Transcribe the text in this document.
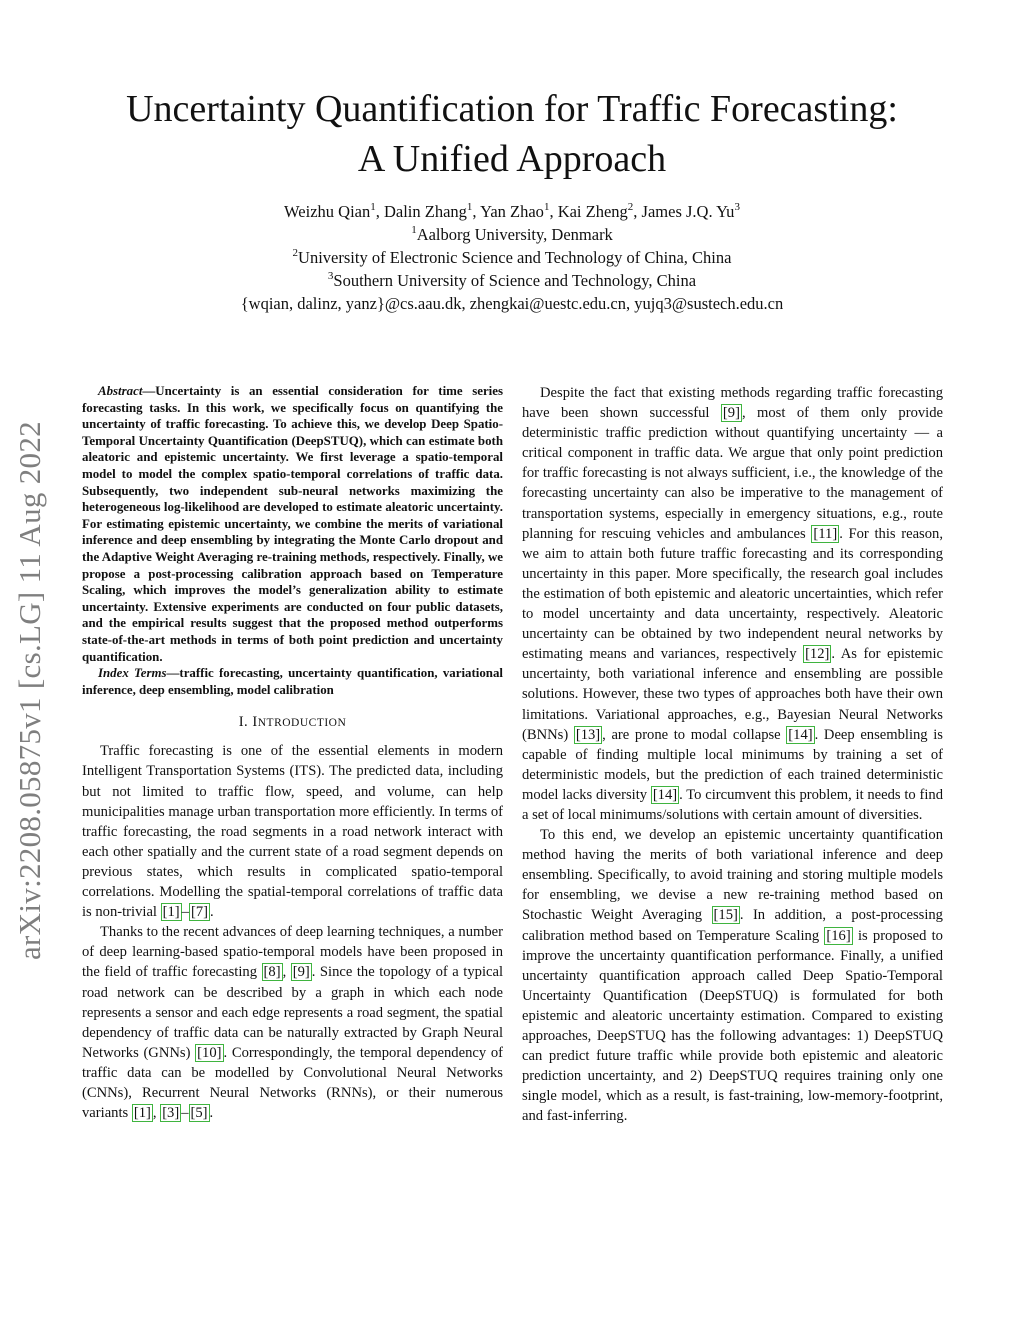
arXiv:2208.05875v1 [cs.LG] 11 Aug 2022
Uncertainty Quantification for Traffic Forecasting:
A Unified Approach
Weizhu Qian$^1$, Dalin Zhang$^1$, Yan Zhao$^1$, Kai Zheng$^2$, James J.Q. Yu$^3$
$^1$Aalborg University, Denmark
$^2$University of Electronic Science and Technology of China, China
$^3$Southern University of Science and Technology, China
{wqian, dalinz, yanz}@cs.aau.dk, zhengkai@uestc.edu.cn, yujq3@sustech.edu.cn

Abstract—Uncertainty is an essential consideration for time series forecasting tasks. In this work, we specifically focus on quantifying the uncertainty of traffic forecasting. To achieve this, we develop Deep Spatio-Temporal Uncertainty Quantification (DeepSTUQ), which can estimate both aleatoric and epistemic uncertainty. We first leverage a spatio-temporal model to model the complex spatio-temporal correlations of traffic data. Subsequently, two independent sub-neural networks maximizing the heterogeneous log-likelihood are developed to estimate aleatoric uncertainty. For estimating epistemic uncertainty, we combine the merits of variational inference and deep ensembling by integrating the Monte Carlo dropout and the Adaptive Weight Averaging re-training methods, respectively. Finally, we propose a post-processing calibration approach based on Temperature Scaling, which improves the model’s generalization ability to estimate uncertainty. Extensive experiments are conducted on four public datasets, and the empirical results suggest that the proposed method outperforms state-of-the-art methods in terms of both point prediction and uncertainty quantification.

Index Terms—traffic forecasting, uncertainty quantification, variational inference, deep ensembling, model calibration

I. INTRODUCTION

Traffic forecasting is one of the essential elements in modern Intelligent Transportation Systems (ITS). The predicted data, including but not limited to traffic flow, speed, and volume, can help municipalities manage urban transportation more efficiently. In terms of traffic forecasting, the road segments in a road network interact with each other spatially and the current state of a road segment depends on previous states, which results in complicated spatio-temporal correlations. Modelling the spatial-temporal correlations of traffic data is non-trivial [1] – [7] .

Thanks to the recent advances of deep learning techniques, a number of deep learning-based spatio-temporal models have been proposed in the field of traffic forecasting [8] , [9] . Since the topology of a typical road network can be described by a graph in which each node represents a sensor and each edge represents a road segment, the spatial dependency of traffic data can be naturally extracted by Graph Neural Networks (GNNs) [10] . Correspondingly, the temporal dependency of traffic data can be modelled by Convolutional Neural Networks (CNNs), Recurrent Neural Networks (RNNs), or their numerous variants [1] , [3] – [5] .

Despite the fact that existing methods regarding traffic forecasting have been shown successful [9] , most of them only provide deterministic traffic prediction without quantifying uncertainty — a critical component in traffic data. We argue that only point prediction for traffic forecasting is not always sufficient, i.e., the knowledge of the forecasting uncertainty can also be imperative to the management of transportation systems, especially in emergency situations, e.g., route planning for rescuing vehicles and ambulances [11] . For this reason, we aim to attain both future traffic forecasting and its corresponding uncertainty in this paper. More specifically, the research goal includes the estimation of both epistemic and aleatoric uncertainties, which refer to model uncertainty and data uncertainty, respectively. Aleatoric uncertainty can be obtained by two independent neural networks by estimating means and variances, respectively [12] . As for epistemic uncertainty, both variational inference and ensembling are possible solutions. However, these two types of approaches both have their own limitations. Variational approaches, e.g., Bayesian Neural Networks (BNNs) [13] , are prone to modal collapse [14] . Deep ensembling is capable of finding multiple local minimums by training a set of deterministic models, but the prediction of each trained deterministic model lacks diversity [14] . To circumvent this problem, it needs to find a set of local minimums/solutions with certain amount of diversities.

To this end, we develop an epistemic uncertainty quantification method having the merits of both variational inference and deep ensembling. Specifically, to avoid training and storing multiple models for ensembling, we devise a new re-training method based on Stochastic Weight Averaging [15] . In addition, a post-processing calibration method based on Temperature Scaling [16] is proposed to improve the uncertainty quantification performance. Finally, a unified uncertainty quantification approach called Deep Spatio-Temporal Uncertainty Quantification (DeepSTUQ) is formulated for both epistemic and aleatoric uncertainty estimation. Compared to existing approaches, DeepSTUQ has the following advantages: 1) DeepSTUQ can predict future traffic while provide both epistemic and aleatoric prediction uncertainty, and 2) DeepSTUQ requires training only one single model, which as a result, is fast-training, low-memory-footprint, and fast-inferring.
